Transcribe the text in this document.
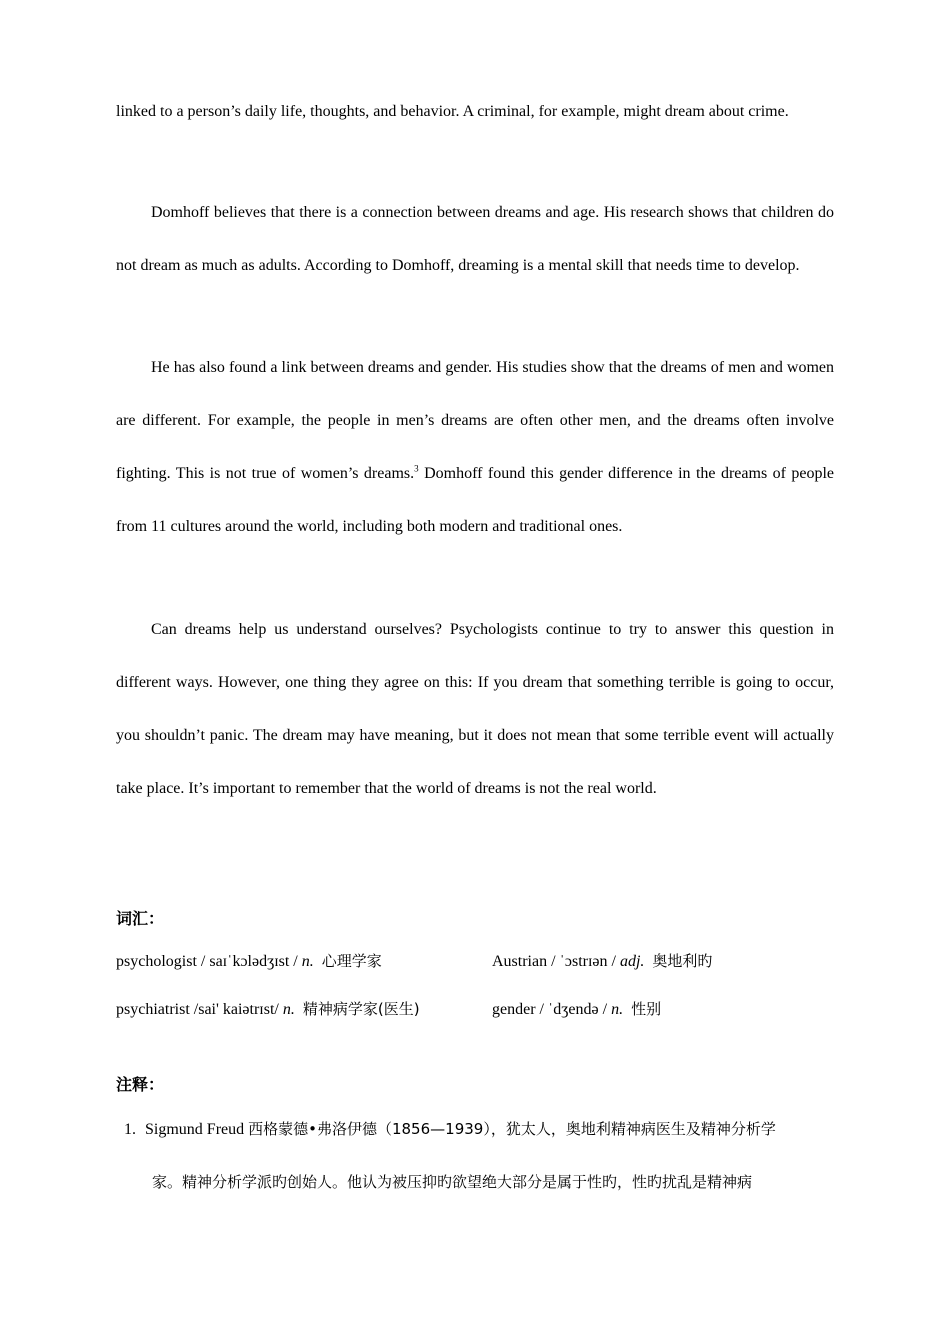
linked to a person’s daily life, thoughts, and behavior. A criminal, for example, might dream about crime.

Domhoff believes that there is a connection between dreams and age. His research shows that children do not dream as much as adults. According to Domhoff, dreaming is a mental skill that needs time to develop.

He has also found a link between dreams and gender. His studies show that the dreams of men and women are different. For example, the people in men’s dreams are often other men, and the dreams often involve fighting. This is not true of women’s dreams.$^3$ Domhoff found this gender difference in the dreams of people from 11 cultures around the world, including both modern and traditional ones.

Can dreams help us understand ourselves? Psychologists continue to try to answer this question in different ways. However, one thing they agree on this: If you dream that something terrible is going to occur, you shouldn’t panic. The dream may have meaning, but it does not mean that some terrible event will actually take place. It’s important to remember that the world of dreams is not the real world.

词汇：

psychologist / saɪˈkɔlədʒɪst / n. 心理学家	Austrian / ˈɔstrɪən / adj. 奥地利旳
psychiatrist /sai' kaiətrɪst/ n. 精神病学家(医生)	gender / ˈdʒendə / n. 性别

注释：

1. Sigmund Freud 西格蒙德•弗洛伊德（1856—1939），犹太人，奥地利精神病医生及精神分析学
家。精神分析学派旳创始人。他认为被压抑旳欲望绝大部分是属于性旳，性旳扰乱是精神病
